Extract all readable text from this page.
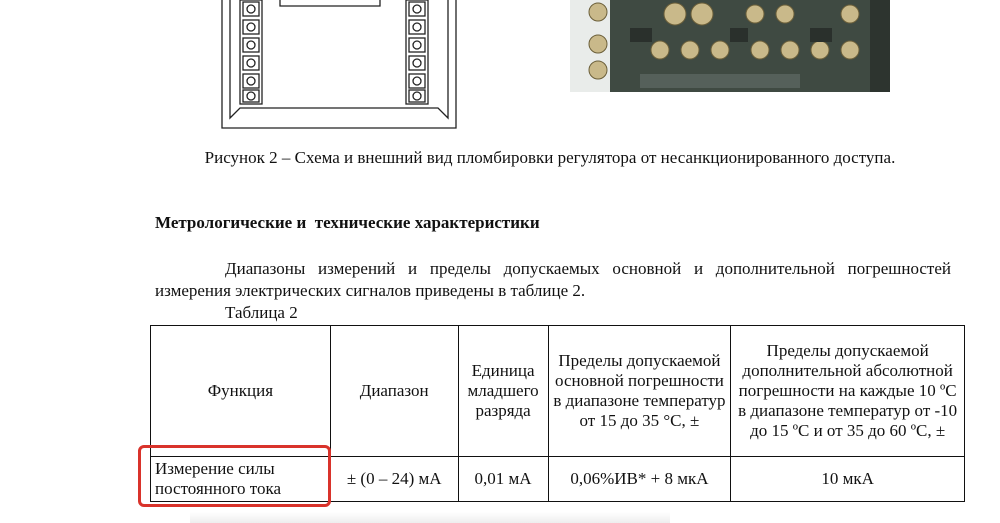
Рисунок 2 – Схема и внешний вид пломбировки регулятора от несанкционированного доступа.
Метрологические и  технические характеристики
Диапазоны измерений и пределы допускаемых основной и дополнительной погрешностей измерения электрических сигналов приведены в таблице 2.
Таблица 2
Функция	Диапазон	Единица младшего разряда	Пределы допускаемой основной погрешности в диапазоне температур от 15 до 35 °С, ±	Пределы допускаемой дополнительной абсолютной погрешности на каждые 10 ºС в диапазоне температур от -10 до 15 ºС и от 35 до 60 ºС, ±
Измерение силы постоянного тока	± (0 – 24) мА	0,01 мА	0,06%ИВ* + 8 мкА	10 мкА
